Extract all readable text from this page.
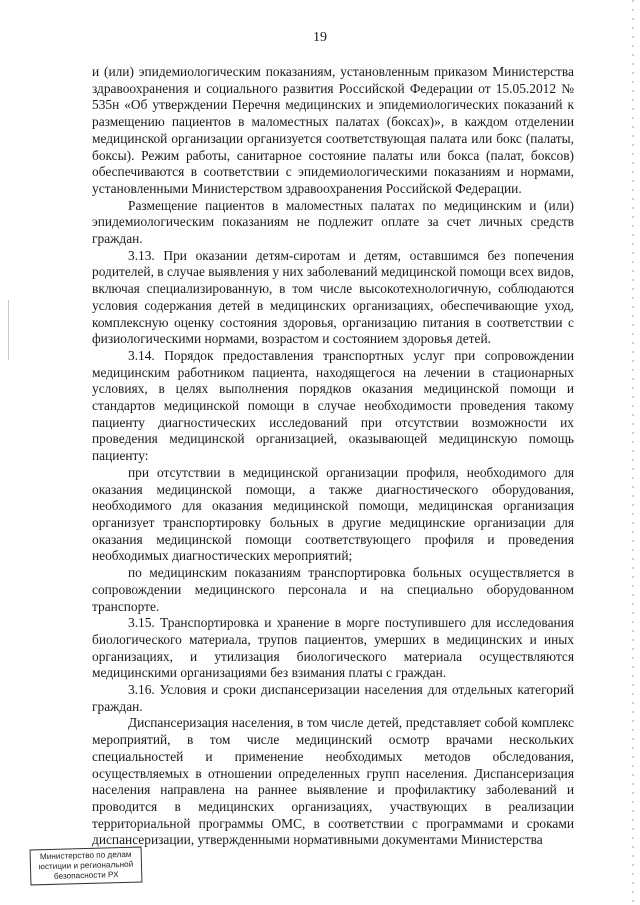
19

и (или) эпидемиологическим показаниям, установленным приказом Министерства здравоохранения и социального развития Российской Федерации от 15.05.2012 № 535н «Об утверждении Перечня медицинских и эпидемиологических показаний к размещению пациентов в маломестных палатах (боксах)», в каждом отделении медицинской организации организуется соответствующая палата или бокс (палаты, боксы). Режим работы, санитарное состояние палаты или бокса (палат, боксов) обеспечиваются в соответствии с эпидемиологическими показаниям и нормами, установленными Министерством здравоохранения Российской Федерации.

Размещение пациентов в маломестных палатах по медицинским и (или) эпидемиологическим показаниям не подлежит оплате за счет личных средств граждан.

3.13. При оказании детям-сиротам и детям, оставшимся без попечения родителей, в случае выявления у них заболеваний медицинской помощи всех видов, включая специализированную, в том числе высокотехнологичную, соблюдаются условия содержания детей в медицинских организациях, обеспечивающие уход, комплексную оценку состояния здоровья, организацию питания в соответствии с физиологическими нормами, возрастом и состоянием здоровья детей.

3.14. Порядок предоставления транспортных услуг при сопровождении медицинским работником пациента, находящегося на лечении в стационарных условиях, в целях выполнения порядков оказания медицинской помощи и стандартов медицинской помощи в случае необходимости проведения такому пациенту диагностических исследований при отсутствии возможности их проведения медицинской организацией, оказывающей медицинскую помощь пациенту:

при отсутствии в медицинской организации профиля, необходимого для оказания медицинской помощи, а также диагностического оборудования, необходимого для оказания медицинской помощи, медицинская организация организует транспортировку больных в другие медицинские организации для оказания медицинской помощи соответствующего профиля и проведения необходимых диагностических мероприятий;

по медицинским показаниям транспортировка больных осуществляется в сопровождении медицинского персонала и на специально оборудованном транспорте.

3.15. Транспортировка и хранение в морге поступившего для исследования биологического материала, трупов пациентов, умерших в медицинских и иных организациях, и утилизация биологического материала осуществляются медицинскими организациями без взимания платы с граждан.

3.16. Условия и сроки диспансеризации населения для отдельных категорий граждан.

Диспансеризация населения, в том числе детей, представляет собой комплекс мероприятий, в том числе медицинский осмотр врачами нескольких специальностей и применение необходимых методов обследования, осуществляемых в отношении определенных групп населения. Диспансеризация населения направлена на раннее выявление и профилактику заболеваний и проводится в медицинских организациях, участвующих в реализации территориальной программы ОМС, в соответствии с программами и сроками диспансеризации, утвержденными нормативными документами Министерства

Министерство по делам
юстиции и региональной
безопасности РХ
